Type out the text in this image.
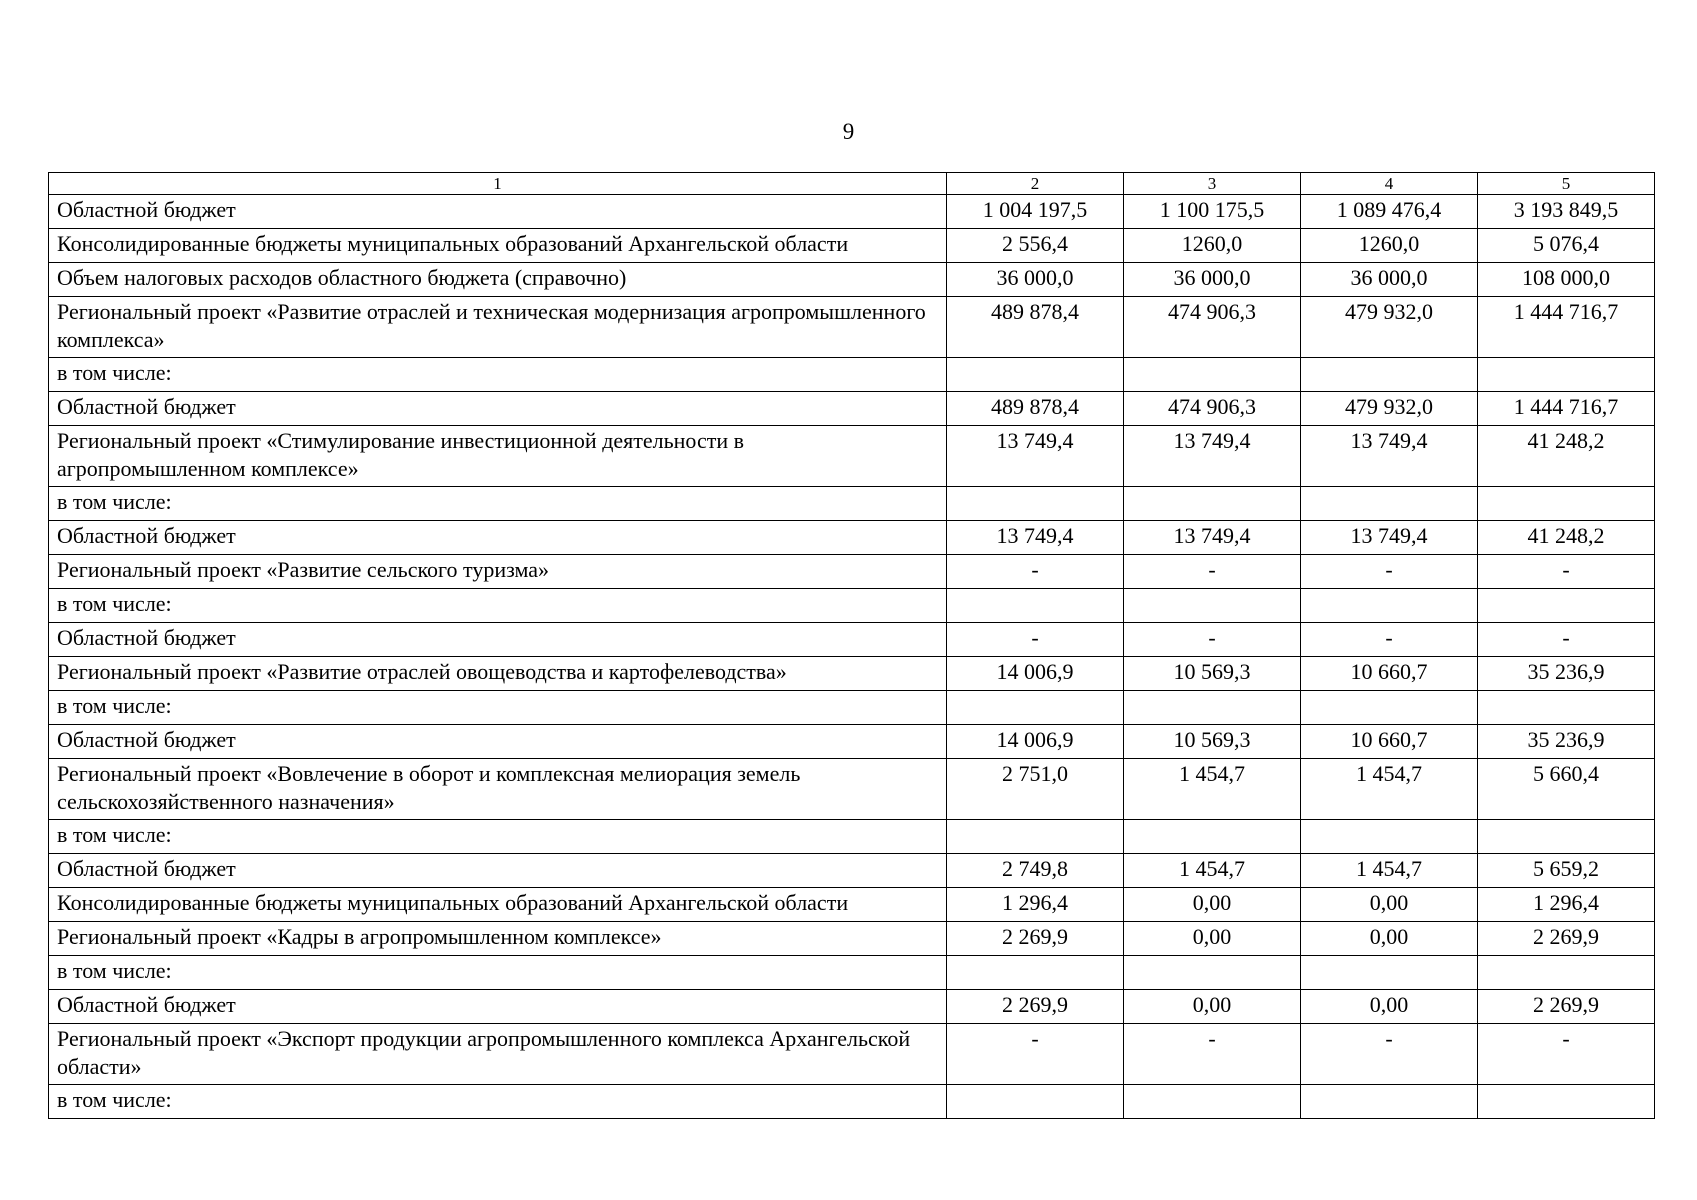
9
1	2	3	4	5
Областной бюджет	1 004 197,5	1 100 175,5	1 089 476,4	3 193 849,5
Консолидированные бюджеты муниципальных образований Архангельской области	2 556,4	1260,0	1260,0	5 076,4
Объем налоговых расходов областного бюджета (справочно)	36 000,0	36 000,0	36 000,0	108 000,0
Региональный проект «Развитие отраслей и техническая модернизация агропромышленного комплекса»	489 878,4	474 906,3	479 932,0	1 444 716,7
в том числе:				
Областной бюджет	489 878,4	474 906,3	479 932,0	1 444 716,7
Региональный проект «Стимулирование инвестиционной деятельности в агропромышленном комплексе»	13 749,4	13 749,4	13 749,4	41 248,2
в том числе:				
Областной бюджет	13 749,4	13 749,4	13 749,4	41 248,2
Региональный проект «Развитие сельского туризма»	-	-	-	-
в том числе:				
Областной бюджет	-	-	-	-
Региональный проект «Развитие отраслей овощеводства и картофелеводства»	14 006,9	10 569,3	10 660,7	35 236,9
в том числе:				
Областной бюджет	14 006,9	10 569,3	10 660,7	35 236,9
Региональный проект «Вовлечение в оборот и комплексная мелиорация земель сельскохозяйственного назначения»	2 751,0	1 454,7	1 454,7	5 660,4
в том числе:				
Областной бюджет	2 749,8	1 454,7	1 454,7	5 659,2
Консолидированные бюджеты муниципальных образований Архангельской области	1 296,4	0,00	0,00	1 296,4
Региональный проект «Кадры в агропромышленном комплексе»	2 269,9	0,00	0,00	2 269,9
в том числе:				
Областной бюджет	2 269,9	0,00	0,00	2 269,9
Региональный проект «Экспорт продукции агропромышленного комплекса Архангельской области»	-	-	-	-
в том числе:				
